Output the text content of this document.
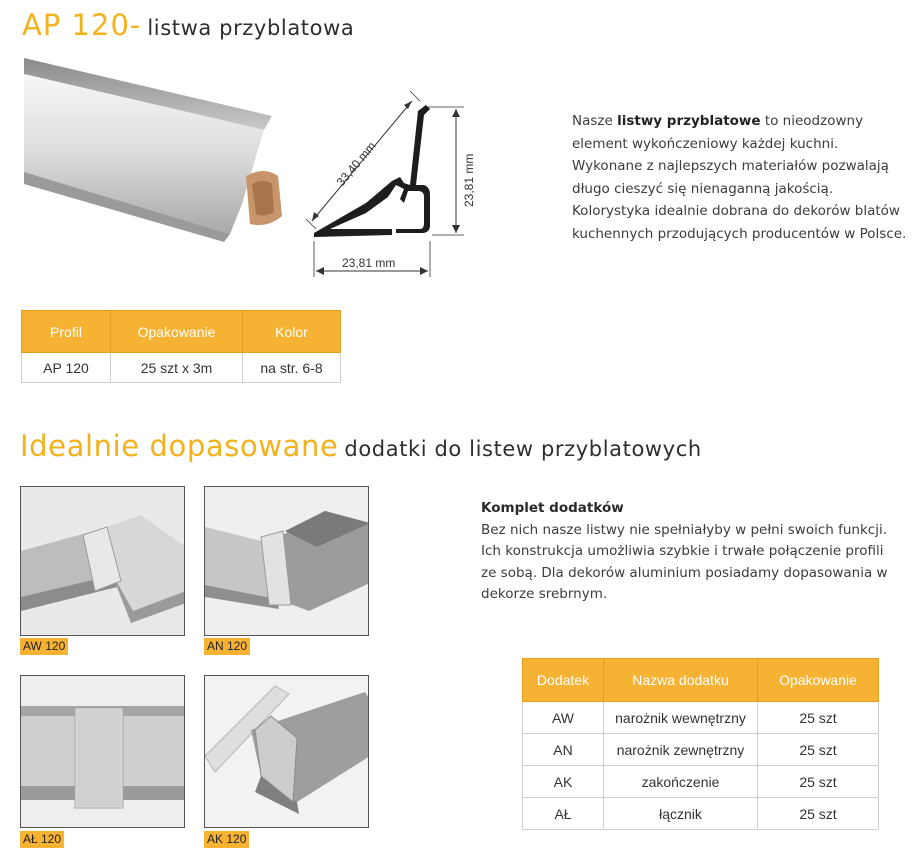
AP 120- listwa przyblatowa
33,40 mm	23,81 mm
23,81 mm
Nasze listwy przyblatowe to nieodzowny element wykończeniowy każdej kuchni. Wykonane z najlepszych materiałów pozwalają długo cieszyć się nienaganną jakością. Kolorystyka idealnie dobrana do dekorów blatów kuchennych przodujących producentów w Polsce.
Profil	Opakowanie	Kolor
AP 120	25 szt x 3m	na str. 6-8
Idealnie dopasowane dodatki do listew przyblatowych
AW 120	AN 120
AŁ 120	AK 120
Komplet dodatków
Bez nich nasze listwy nie spełniałyby w pełni swoich funkcji. Ich konstrukcja umożliwia szybkie i trwałe połączenie profili ze sobą. Dla dekorów aluminium posiadamy dopasowania w dekorze srebrnym.
Dodatek	Nazwa dodatku	Opakowanie
AW	narożnik wewnętrzny	25 szt
AN	narożnik zewnętrzny	25 szt
AK	zakończenie	25 szt
AŁ	łącznik	25 szt
